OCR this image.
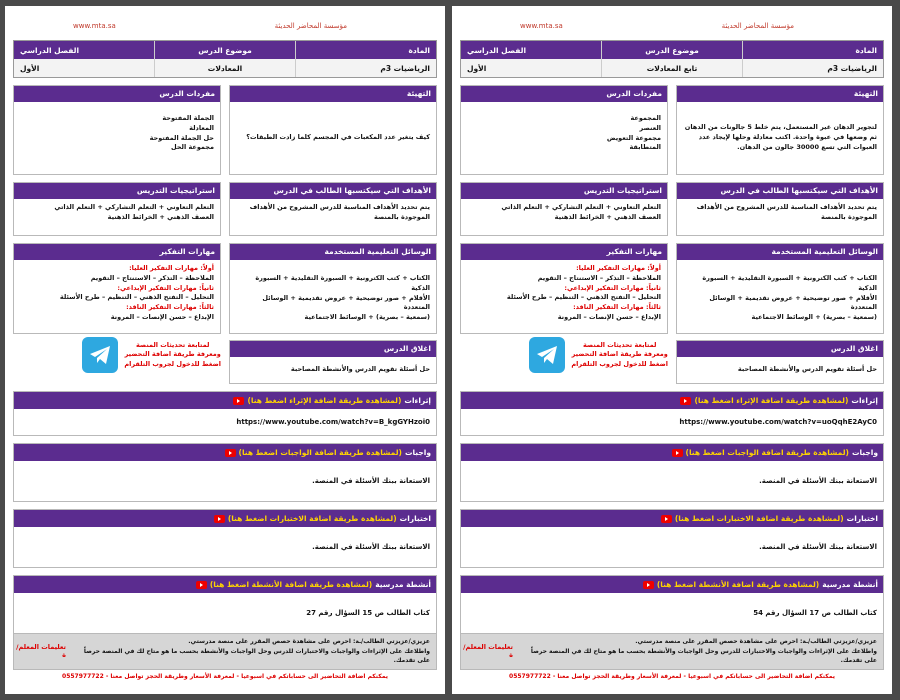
مؤسسة المحاضر الحديثة
www.mta.sa
المادة
موضوع الدرس
الفصل الدراسي
الرياضيات 3م
المعادلات
الأول
التهيئة
كيف يتغير عدد المكعبات في المجسم كلما زادت الطبقات؟
مفردات الدرس
الجملة المفتوحة
المعادلة
حل الجملة المفتوحة
مجموعة الحل
الأهداف التي سيكتسبها الطالب في الدرس
يتم تحديد الأهداف المناسبة للدرس المشروح من الأهداف الموجودة بالمنصة
استراتيجيات التدريس
التعلم التعاوني + التعلم التشاركي + التعلم الذاتي
العصف الذهني + الخرائط الذهنية
الوسائل التعليمية المستخدمة
الكتاب + كتب الكترونية + السبورة التقليدية + السبورة الذكية
الأقلام + صور توضيحية + عروض تقديمية + الوسائل المتعددة
(سمعية – بصرية) + الوسائط الاجتماعية
اغلاق الدرس
حل أسئلة تقويم الدرس والأنشطة المصاحبة
مهارات التفكير
أولاً: مهارات التفكير العليا:
الملاحظة – التذكر – الاستنتاج – التقويم
ثانياً: مهارات التفكير الإبداعي:
التحليل – التفتح الذهني – التنظيم – طرح الأسئلة
ثالثاً: مهارات التفكير الناقد:
الإبداع – حسن الإنصات – المرونة
لمتابعة تحديثات المنصة
ومعرفة طريقة اضافة التحضير
اضغط للدخول لجروب التلقرام
إثراءات
(لمشاهدة طريقة اضافة الإثراء اضغط هنا)
https://www.youtube.com/watch?v=B_kgGYHzoi0
واجبات
(لمشاهدة طريقة اضافة الواجبات اضغط هنا)
الاستعانة ببنك الأسئلة في المنصة.
اختبارات
(لمشاهدة طريقة اضافة الاختبارات اضغط هنا)
الاستعانة ببنك الأسئلة في المنصة.
أنشطة مدرسية
(لمشاهدة طريقة اضافة الأنشطة اضغط هنا)
كتاب الطالب ص 15 السؤال رقم 27
عزيزي/عزيزتي الطالب/ـة: احرص على مشاهدة حصص المقرر على منصة مدرستي.
واطلاعك على الإثراءات والواجبات والاختبارات للدرس وحل الواجبات والأنشطة بحسب ما هو متاح لك في المنصة حرصاً على تقدمك.
تعليمات المعلم/ة
يمكنكم اضافة التحاضير الى حساباتكم في اسبوعيا - لمعرفة الأسعار وطريقة الحجز تواصل معنا - 0557977722
مؤسسة المحاضر الحديثة
www.mta.sa
المادة
موضوع الدرس
الفصل الدراسي
الرياضيات 3م
تابع المعادلات
الأول
التهيئة
لتجوير الدهان غير المستعمل، يتم خلط 5 جالونات من الدهان ثم وضعها في عبوة واحدة. اكتب معادلة وحلها لإيجاد عدد العبوات التي تسع 30000 جالون من الدهان.
مفردات الدرس
المجموعة
العنصر
مجموعة التعويض
المتطابقة
الأهداف التي سيكتسبها الطالب في الدرس
يتم تحديد الأهداف المناسبة للدرس المشروح من الأهداف الموجودة بالمنصة
استراتيجيات التدريس
التعلم التعاوني + التعلم التشاركي + التعلم الذاتي
العصف الذهني + الخرائط الذهنية
الوسائل التعليمية المستخدمة
الكتاب + كتب الكترونية + السبورة التقليدية + السبورة الذكية
الأقلام + صور توضيحية + عروض تقديمية + الوسائل المتعددة
(سمعية – بصرية) + الوسائط الاجتماعية
اغلاق الدرس
حل أسئلة تقويم الدرس والأنشطة المصاحبة
مهارات التفكير
أولاً: مهارات التفكير العليا:
الملاحظة – التذكر – الاستنتاج – التقويم
ثانياً: مهارات التفكير الإبداعي:
التحليل – التفتح الذهني – التنظيم – طرح الأسئلة
ثالثاً: مهارات التفكير الناقد:
الإبداع – حسن الإنصات – المرونة
لمتابعة تحديثات المنصة
ومعرفة طريقة اضافة التحضير
اضغط للدخول لجروب التلقرام
إثراءات
(لمشاهدة طريقة اضافة الإثراء اضغط هنا)
https://www.youtube.com/watch?v=uoQqhE2AyC0
واجبات
(لمشاهدة طريقة اضافة الواجبات اضغط هنا)
الاستعانة ببنك الأسئلة في المنصة.
اختبارات
(لمشاهدة طريقة اضافة الاختبارات اضغط هنا)
الاستعانة ببنك الأسئلة في المنصة.
أنشطة مدرسية
(لمشاهدة طريقة اضافة الأنشطة اضغط هنا)
كتاب الطالب ص 17 السؤال رقم 54
عزيزي/عزيزتي الطالب/ـة: احرص على مشاهدة حصص المقرر على منصة مدرستي.
واطلاعك على الإثراءات والواجبات والاختبارات للدرس وحل الواجبات والأنشطة بحسب ما هو متاح لك في المنصة حرصاً على تقدمك.
تعليمات المعلم/ة
يمكنكم اضافة التحاضير الى حساباتكم في اسبوعيا - لمعرفة الأسعار وطريقة الحجز تواصل معنا - 0557977722
